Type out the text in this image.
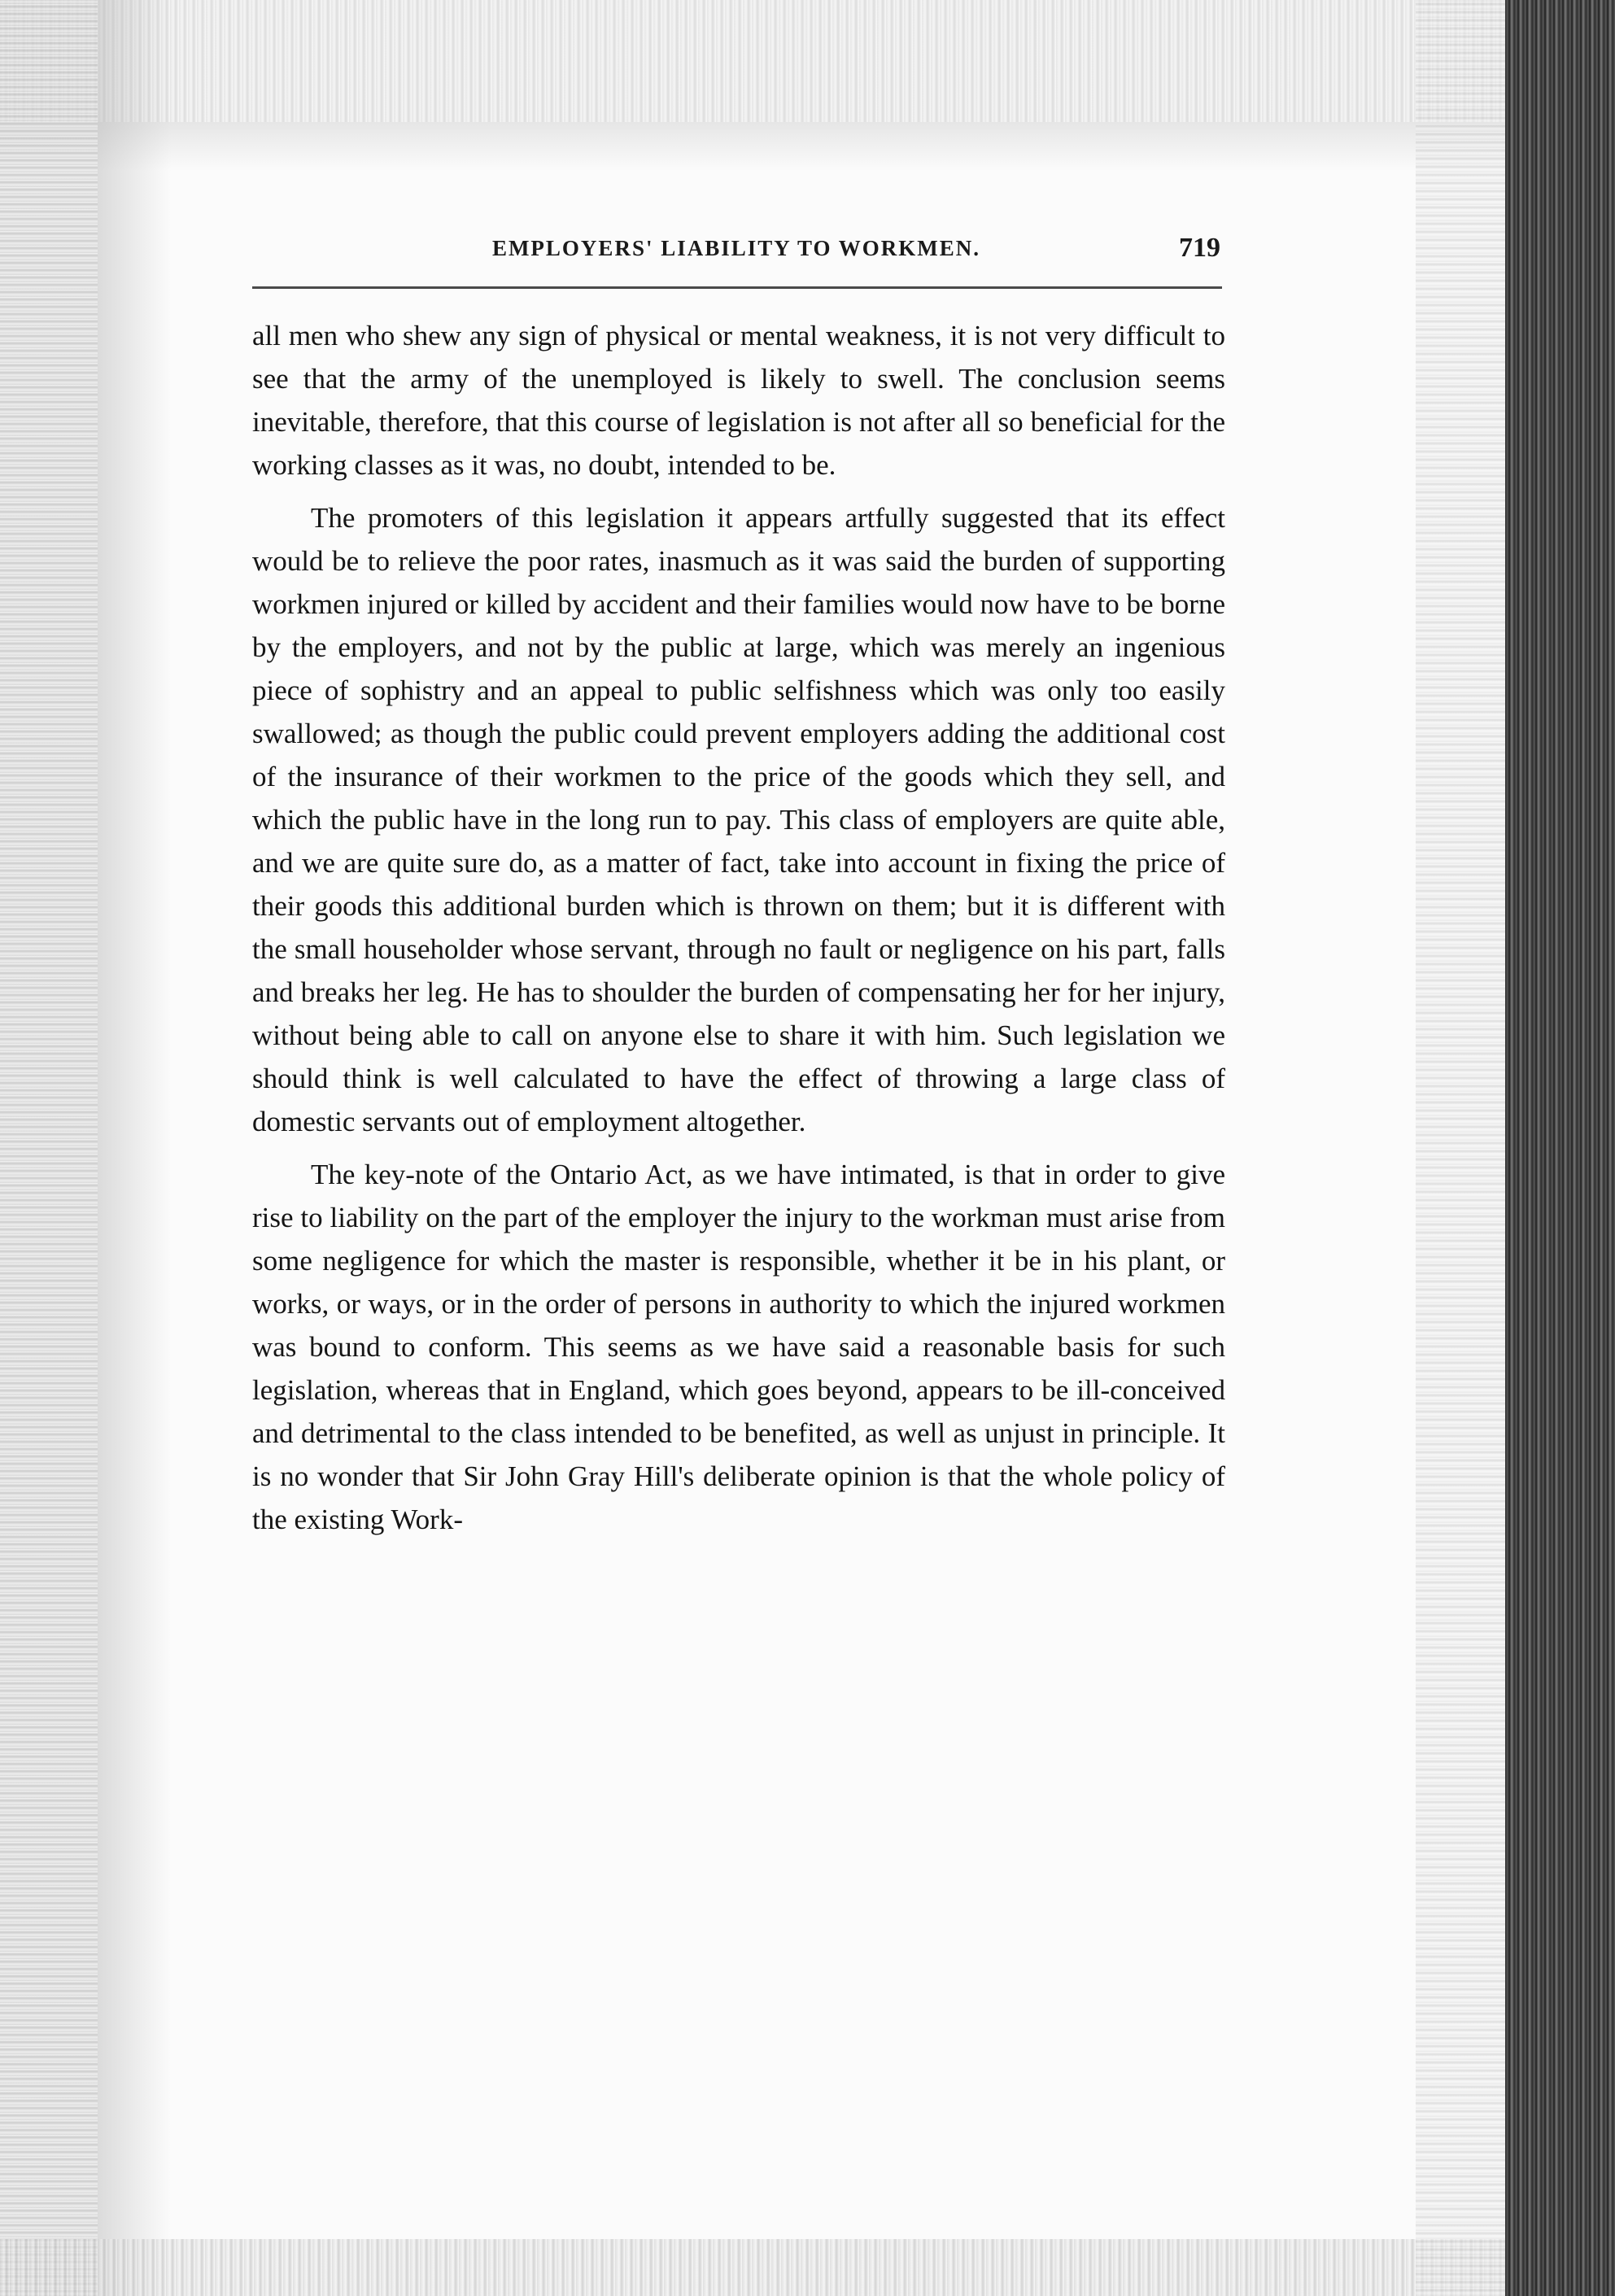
EMPLOYERS' LIABILITY TO WORKMEN.	719

all men who shew any sign of physical or mental weakness, it is not very difficult to see that the army of the unemployed is likely to swell. The conclusion seems inevitable, therefore, that this course of legislation is not after all so beneficial for the working classes as it was, no doubt, intended to be.

The promoters of this legislation it appears artfully suggested that its effect would be to relieve the poor rates, inasmuch as it was said the burden of supporting workmen injured or killed by accident and their families would now have to be borne by the employers, and not by the public at large, which was merely an ingenious piece of sophistry and an appeal to public selfishness which was only too easily swallowed; as though the public could prevent employers adding the additional cost of the insurance of their workmen to the price of the goods which they sell, and which the public have in the long run to pay. This class of employers are quite able, and we are quite sure do, as a matter of fact, take into account in fixing the price of their goods this additional burden which is thrown on them; but it is different with the small householder whose servant, through no fault or negligence on his part, falls and breaks her leg. He has to shoulder the burden of compensating her for her injury, without being able to call on anyone else to share it with him. Such legislation we should think is well calculated to have the effect of throwing a large class of domestic servants out of employment altogether.

The key-note of the Ontario Act, as we have intimated, is that in order to give rise to liability on the part of the employer the injury to the workman must arise from some negligence for which the master is responsible, whether it be in his plant, or works, or ways, or in the order of persons in authority to which the injured workmen was bound to conform. This seems as we have said a reasonable basis for such legislation, whereas that in England, which goes beyond, appears to be ill-conceived and detrimental to the class intended to be benefited, as well as unjust in principle. It is no wonder that Sir John Gray Hill's deliberate opinion is that the whole policy of the existing Work-
